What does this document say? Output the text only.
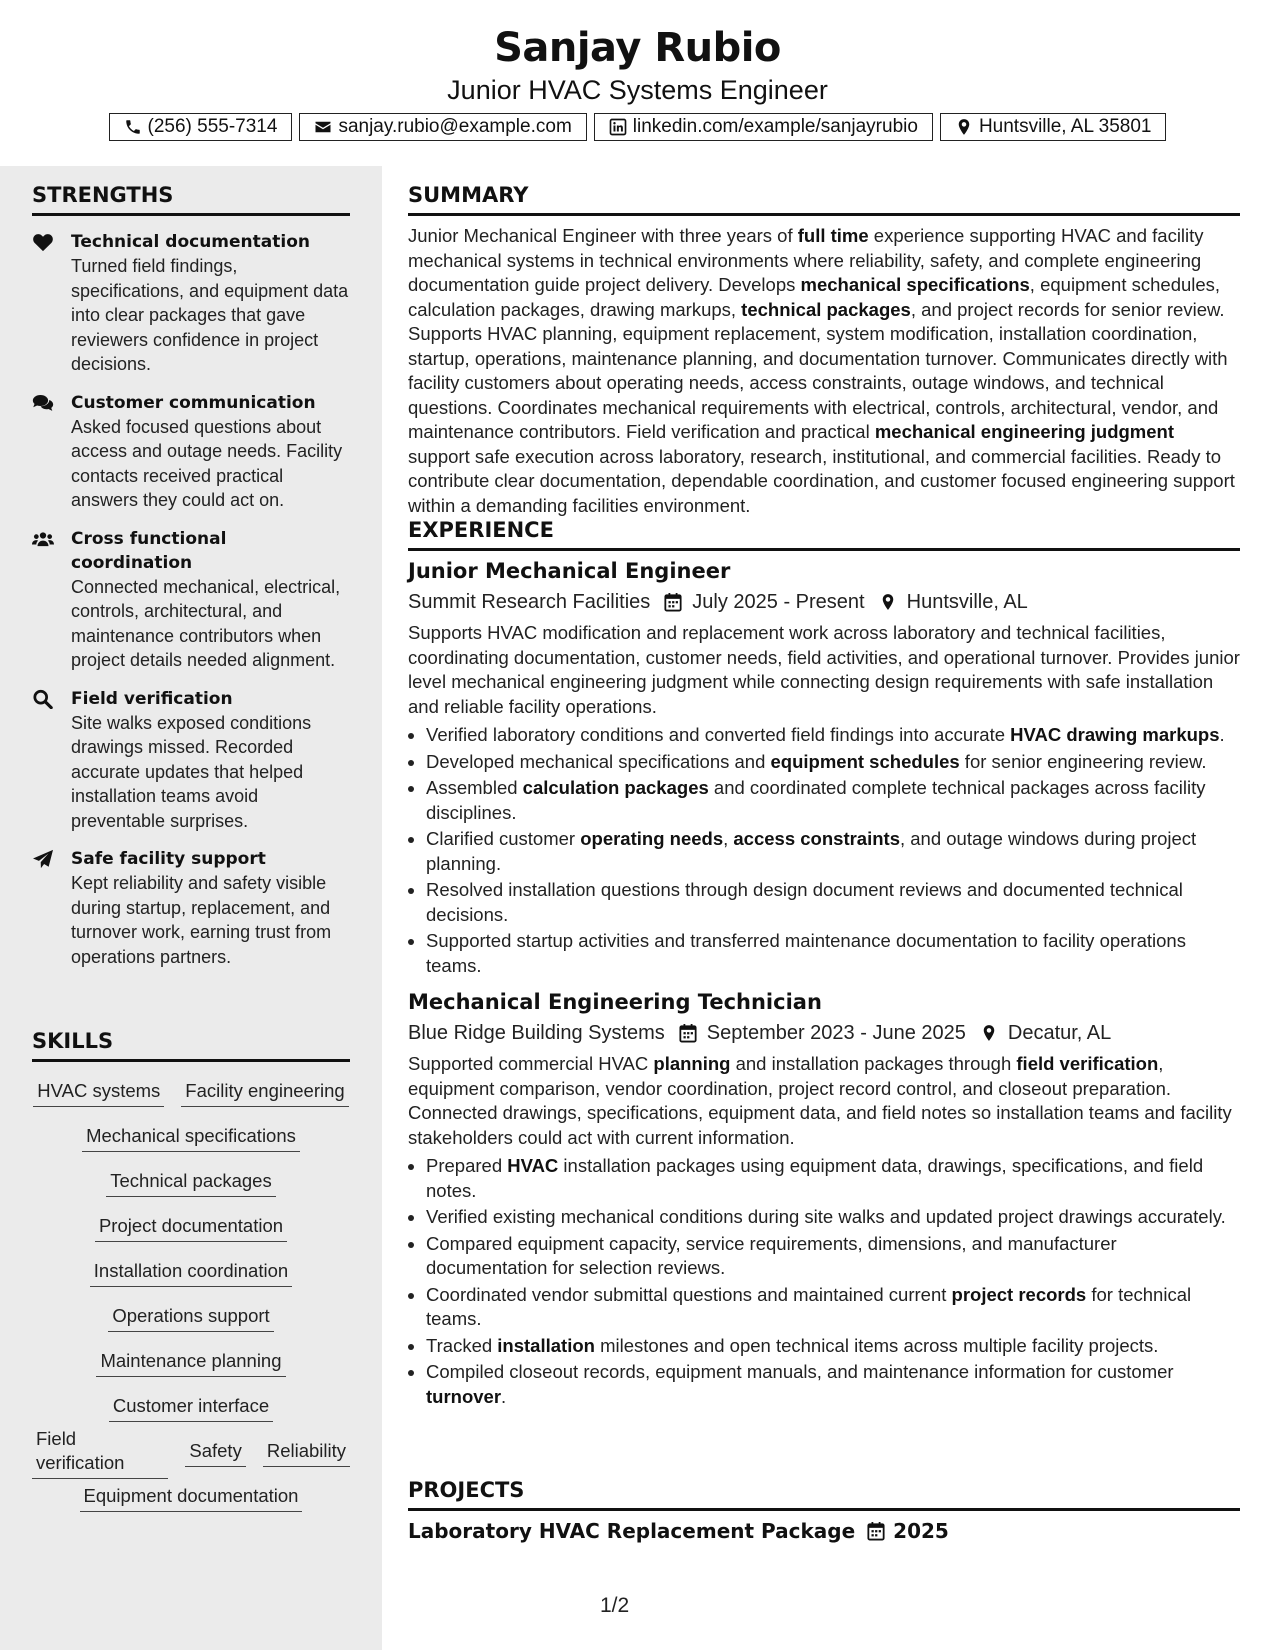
Sanjay Rubio
Junior HVAC Systems Engineer
(256) 555-7314	sanjay.rubio@example.com	linkedin.com/example/sanjayrubio	Huntsville, AL 35801
STRENGTHS
Technical documentation
Turned field findings, specifications, and equipment data into clear packages that gave reviewers confidence in project decisions.
Customer communication
Asked focused questions about access and outage needs. Facility contacts received practical answers they could act on.
Cross functional coordination
Connected mechanical, electrical, controls, architectural, and maintenance contributors when project details needed alignment.
Field verification
Site walks exposed conditions drawings missed. Recorded accurate updates that helped installation teams avoid preventable surprises.
Safe facility support
Kept reliability and safety visible during startup, replacement, and turnover work, earning trust from operations partners.
SKILLS
HVAC systems Facility engineering
Mechanical specifications
Technical packages
Project documentation
Installation coordination
Operations support
Maintenance planning
Customer interface
Field verification
Safety Reliability
Equipment documentation
SUMMARY

Junior Mechanical Engineer with three years of full time experience supporting HVAC and facility mechanical systems in technical environments where reliability, safety, and complete engineering documentation guide project delivery. Develops mechanical specifications, equipment schedules, calculation packages, drawing markups, technical packages, and project records for senior review. Supports HVAC planning, equipment replacement, system modification, installation coordination, startup, operations, maintenance planning, and documentation turnover. Communicates directly with facility customers about operating needs, access constraints, outage windows, and technical questions. Coordinates mechanical requirements with electrical, controls, architectural, vendor, and maintenance contributors. Field verification and practical mechanical engineering judgment support safe execution across laboratory, research, institutional, and commercial facilities. Ready to contribute clear documentation, dependable coordination, and customer focused engineering support within a demanding facilities environment.

EXPERIENCE
Junior Mechanical Engineer
Summit Research Facilities July 2025 - Present Huntsville, AL

Supports HVAC modification and replacement work across laboratory and technical facilities, coordinating documentation, customer needs, field activities, and operational turnover. Provides junior level mechanical engineering judgment while connecting design requirements with safe installation and reliable facility operations.

• Verified laboratory conditions and converted field findings into accurate HVAC drawing markups.
• Developed mechanical specifications and equipment schedules for senior engineering review.
• Assembled calculation packages and coordinated complete technical packages across facility disciplines.
• Clarified customer operating needs, access constraints, and outage windows during project planning.
• Resolved installation questions through design document reviews and documented technical decisions.
• Supported startup activities and transferred maintenance documentation to facility operations teams.
Mechanical Engineering Technician
Blue Ridge Building Systems September 2023 - June 2025 Decatur, AL

Supported commercial HVAC planning and installation packages through field verification, equipment comparison, vendor coordination, project record control, and closeout preparation. Connected drawings, specifications, equipment data, and field notes so installation teams and facility stakeholders could act with current information.

• Prepared HVAC installation packages using equipment data, drawings, specifications, and field notes.
• Verified existing mechanical conditions during site walks and updated project drawings accurately.
• Compared equipment capacity, service requirements, dimensions, and manufacturer documentation for selection reviews.
• Coordinated vendor submittal questions and maintained current project records for technical teams.
• Tracked installation milestones and open technical items across multiple facility projects.
• Compiled closeout records, equipment manuals, and maintenance information for customer turnover.
PROJECTS
Laboratory HVAC Replacement Package 2025
1/2
